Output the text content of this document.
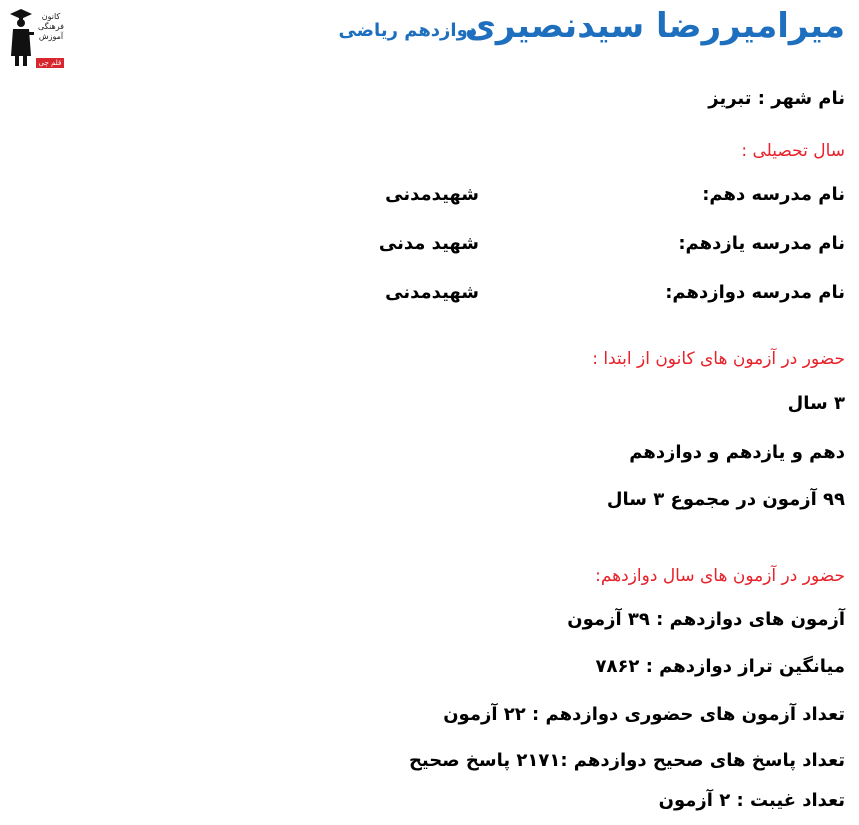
میرامیررضا سیدنصیری
دوازدهم ریاضی
کانون
فرهنگی
آموزش
قلم چی
نام شهر : تبریز
سال تحصیلی :
نام مدرسه دهم:
شهیدمدنی
نام مدرسه یازدهم:
شهید مدنی
نام مدرسه دوازدهم:
شهیدمدنی
حضور در آزمون های کانون از ابتدا :
۳ سال
دهم و یازدهم و دوازدهم
۹۹ آزمون در مجموع ۳ سال
حضور در آزمون های سال دوازدهم:
آزمون های دوازدهم : ۳۹ آزمون
میانگین تراز دوازدهم : ۷۸۶۲
تعداد آزمون های حضوری دوازدهم : ۲۲ آزمون
تعداد پاسخ های صحیح دوازدهم :۲۱۷۱ پاسخ صحیح
تعداد غیبت : ۲ آزمون
